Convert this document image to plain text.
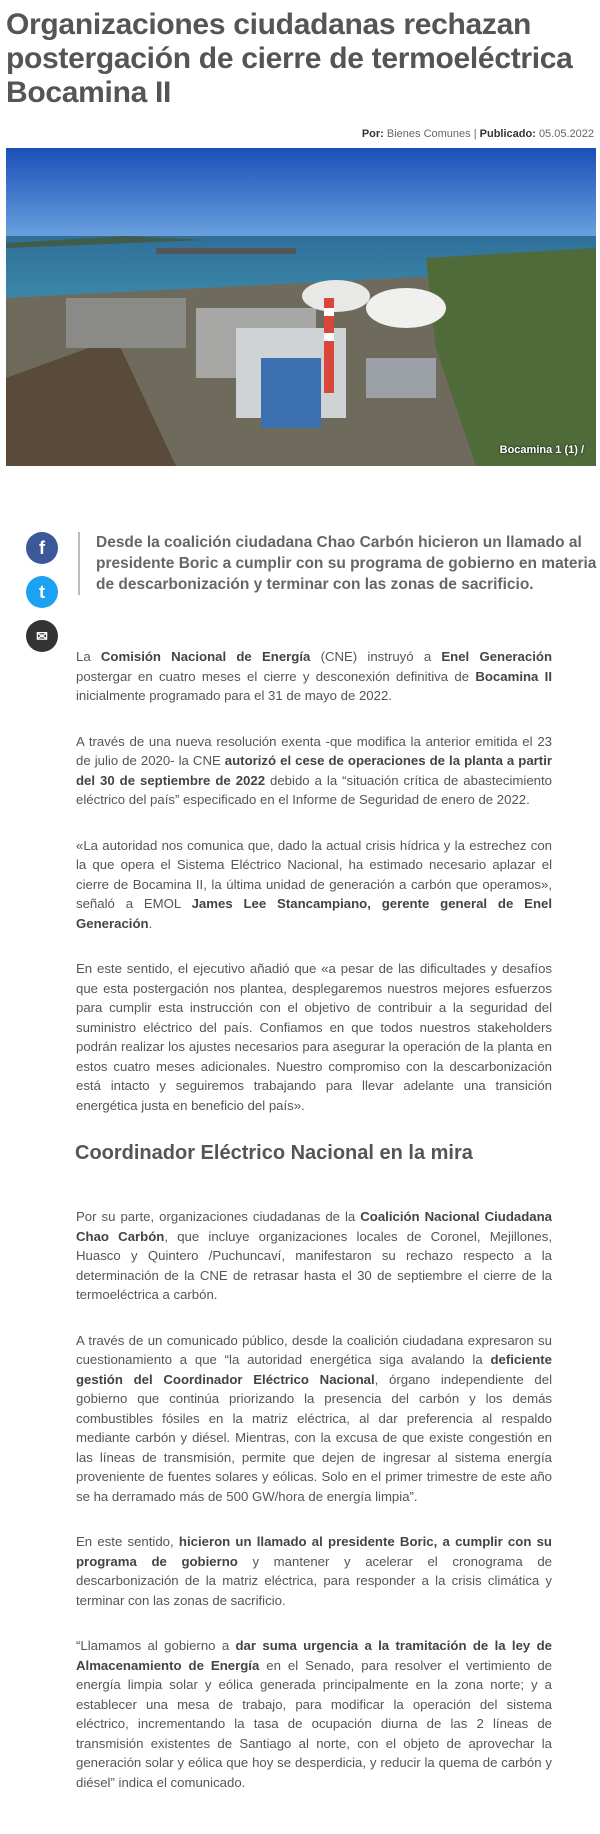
Organizaciones ciudadanas rechazan postergación de cierre de termoeléctrica Bocamina II
Por: Bienes Comunes | Publicado: 05.05.2022
Bocamina 1 (1) /
f
t
✉

Desde la coalición ciudadana Chao Carbón hicieron un llamado al presidente Boric a cumplir con su programa de gobierno en materia de descarbonización y terminar con las zonas de sacrificio.

La Comisión Nacional de Energía (CNE) instruyó a Enel Generación postergar en cuatro meses el cierre y desconexión definitiva de Bocamina II inicialmente programado para el 31 de mayo de 2022.

A través de una nueva resolución exenta -que modifica la anterior emitida el 23 de julio de 2020- la CNE autorizó el cese de operaciones de la planta a partir del 30 de septiembre de 2022 debido a la “situación crítica de abastecimiento eléctrico del país” especificado en el Informe de Seguridad de enero de 2022.

«La autoridad nos comunica que, dado la actual crisis hídrica y la estrechez con la que opera el Sistema Eléctrico Nacional, ha estimado necesario aplazar el cierre de Bocamina II, la última unidad de generación a carbón que operamos», señaló a EMOL James Lee Stancampiano, gerente general de Enel Generación.

En este sentido, el ejecutivo añadió que «a pesar de las dificultades y desafíos que esta postergación nos plantea, desplegaremos nuestros mejores esfuerzos para cumplir esta instrucción con el objetivo de contribuir a la seguridad del suministro eléctrico del país. Confiamos en que todos nuestros stakeholders podrán realizar los ajustes necesarios para asegurar la operación de la planta en estos cuatro meses adicionales. Nuestro compromiso con la descarbonización está intacto y seguiremos trabajando para llevar adelante una transición energética justa en beneficio del país».

Coordinador Eléctrico Nacional en la mira

Por su parte, organizaciones ciudadanas de la Coalición Nacional Ciudadana Chao Carbón, que incluye organizaciones locales de Coronel, Mejillones, Huasco y Quintero /Puchuncaví, manifestaron su rechazo respecto a la determinación de la CNE de retrasar hasta el 30 de septiembre el cierre de la termoeléctrica a carbón.

A través de un comunicado público, desde la coalición ciudadana expresaron su cuestionamiento a que “la autoridad energética siga avalando la deficiente gestión del Coordinador Eléctrico Nacional, órgano independiente del gobierno que continúa priorizando la presencia del carbón y los demás combustibles fósiles en la matriz eléctrica, al dar preferencia al respaldo mediante carbón y diésel. Mientras, con la excusa de que existe congestión en las líneas de transmisión, permite que dejen de ingresar al sistema energía proveniente de fuentes solares y eólicas. Solo en el primer trimestre de este año se ha derramado más de 500 GW/hora de energía limpia”.

En este sentido, hicieron un llamado al presidente Boric, a cumplir con su programa de gobierno y mantener y acelerar el cronograma de descarbonización de la matriz eléctrica, para responder a la crisis climática y terminar con las zonas de sacrificio.

“Llamamos al gobierno a dar suma urgencia a la tramitación de la ley de Almacenamiento de Energía en el Senado, para resolver el vertimiento de energía limpia solar y eólica generada principalmente en la zona norte; y a establecer una mesa de trabajo, para modificar la operación del sistema eléctrico, incrementando la tasa de ocupación diurna de las 2 líneas de transmisión existentes de Santiago al norte, con el objeto de aprovechar la generación solar y eólica que hoy se desperdicia, y reducir la quema de carbón y diésel” indica el comunicado.
